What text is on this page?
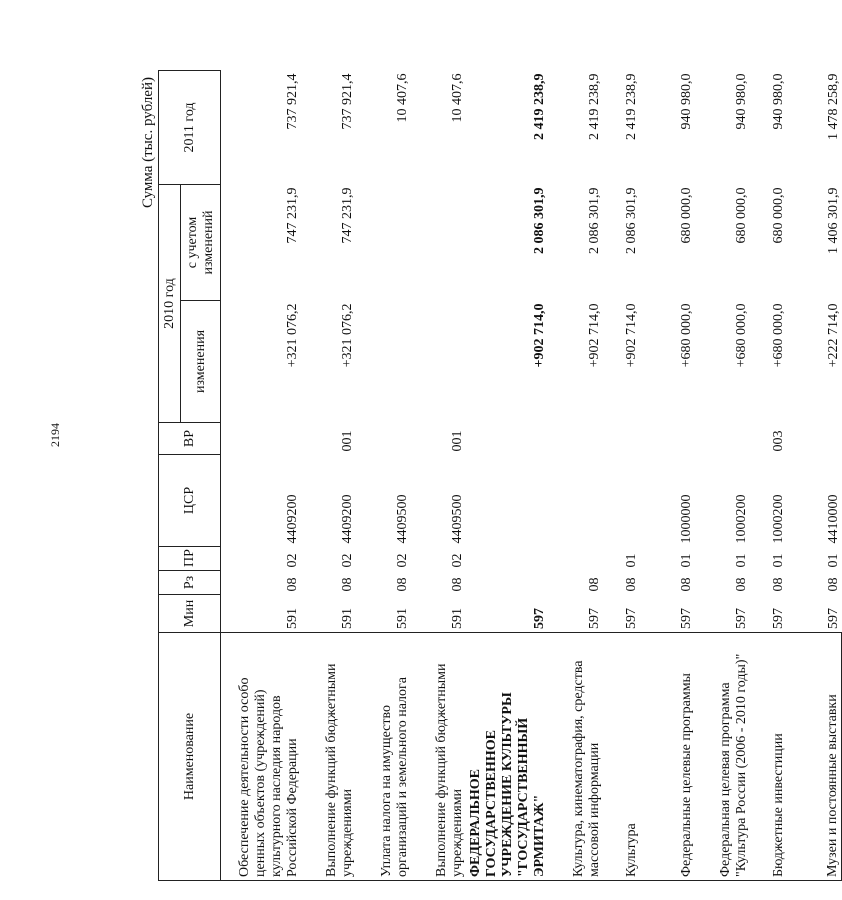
2194
Сумма (тыс. рублей)
Наименование	Мин	Рз	ПР	ЦСР	ВР	2010 год		2011 год
						изменения	с учетом изменений	
Обеспечение деятельности особо ценных объектов (учреждений) культурного наследия народов Российской Федерации	591	08	02	4409200		+321 076,2	747 231,9	737 921,4
Выполнение функций бюджетными учреждениями	591	08	02	4409200	001	+321 076,2	747 231,9	737 921,4
Уплата налога на имущество организаций и земельного налога	591	08	02	4409500				10 407,6
Выполнение функций бюджетными учреждениями	591	08	02	4409500	001			10 407,6
ФЕДЕРАЛЬНОЕ ГОСУДАРСТВЕННОЕ УЧРЕЖДЕНИЕ КУЛЬТУРЫ "ГОСУДАРСТВЕННЫЙ ЭРМИТАЖ"	597					+902 714,0	2 086 301,9	2 419 238,9
Культура, кинематография, средства массовой информации	597	08				+902 714,0	2 086 301,9	2 419 238,9
Культура	597	08	01			+902 714,0	2 086 301,9	2 419 238,9
Федеральные целевые программы	597	08	01	1000000		+680 000,0	680 000,0	940 980,0
Федеральная целевая программа "Культура России (2006 - 2010 годы)"	597	08	01	1000200		+680 000,0	680 000,0	940 980,0
Бюджетные инвестиции	597	08	01	1000200	003	+680 000,0	680 000,0	940 980,0
Музеи и постоянные выставки	597	08	01	4410000		+222 714,0	1 406 301,9	1 478 258,9
